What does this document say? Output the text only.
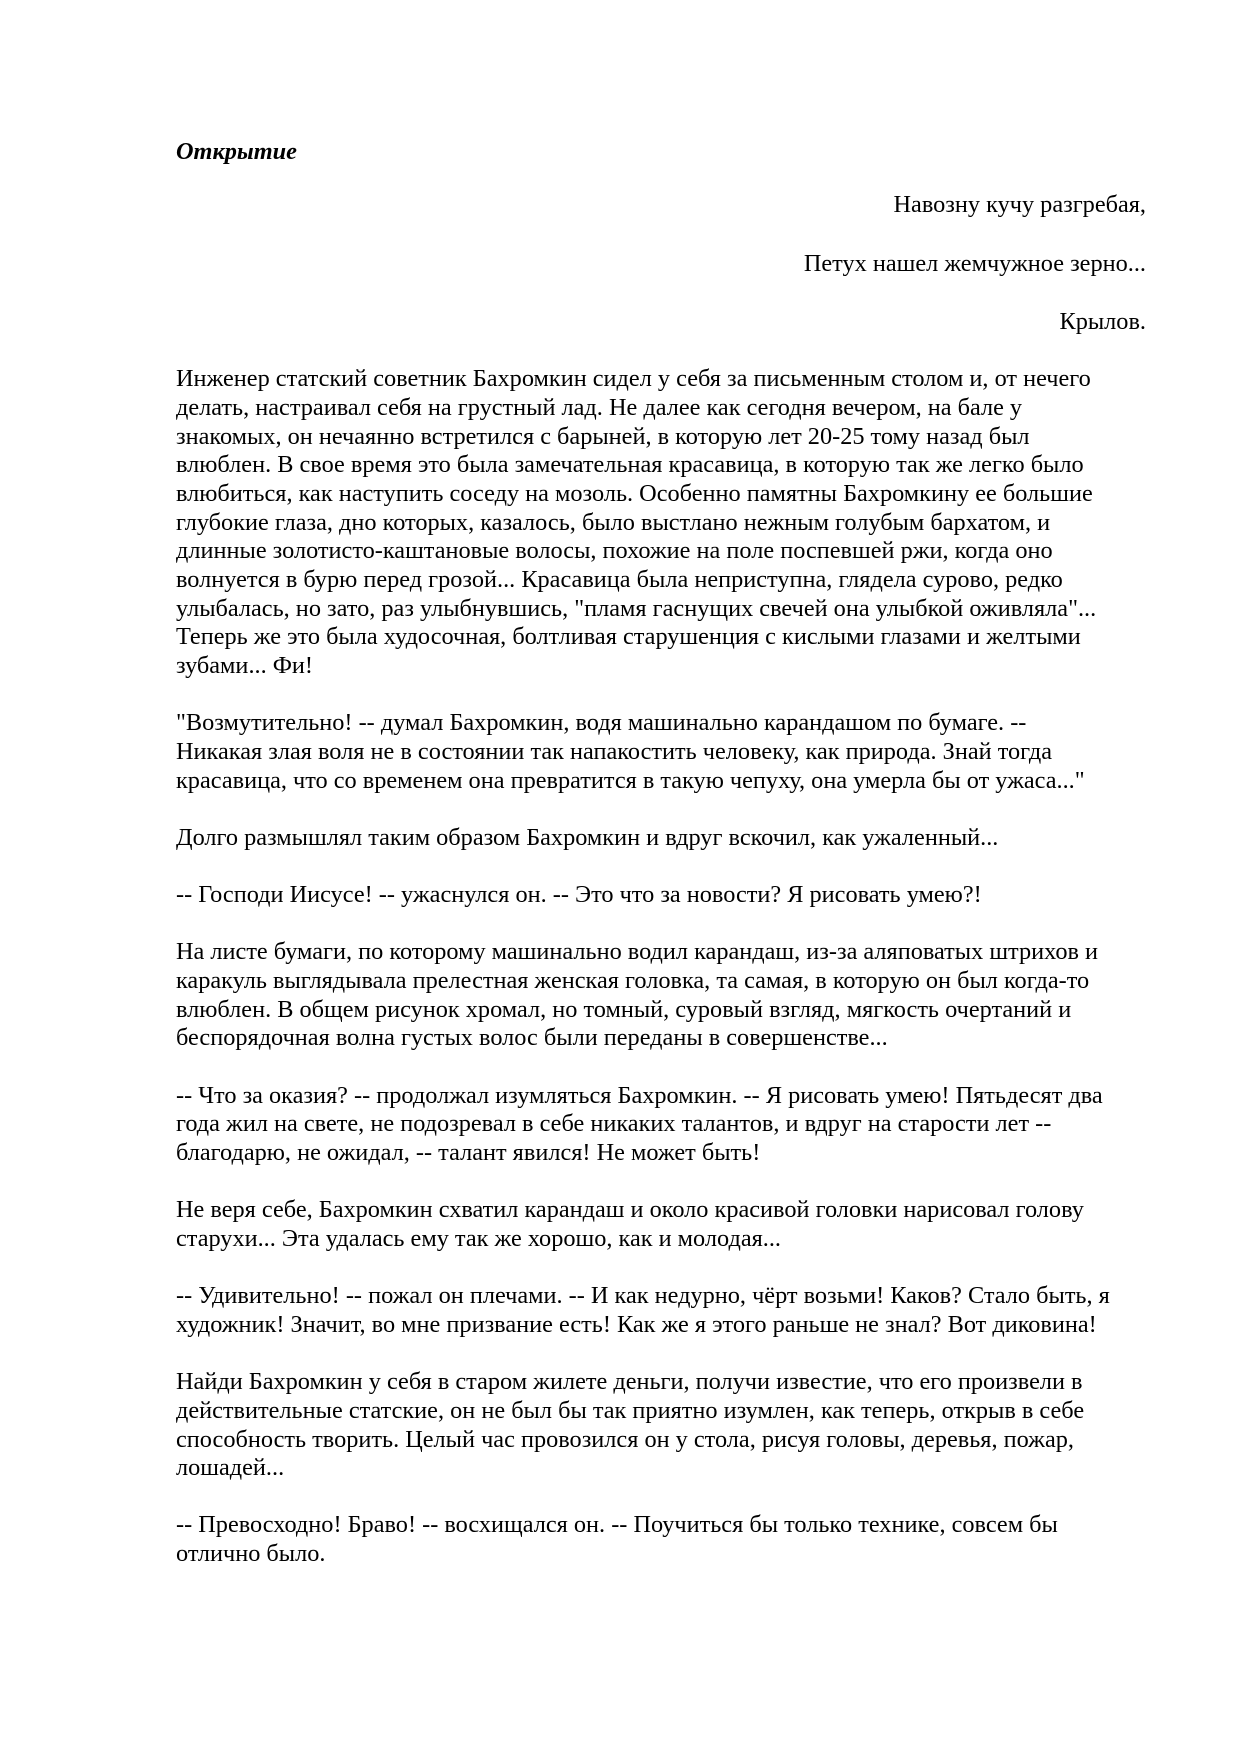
Открытие

Навозну кучу разгребая,

Петух нашел жемчужное зерно...

Крылов.

Инженер статский советник Бахромкин сидел у себя за письменным столом и, от нечего
делать, настраивал себя на грустный лад. Не далее как сегодня вечером, на бале у
знакомых, он нечаянно встретился с барыней, в которую лет 20-25 тому назад был
влюблен. В свое время это была замечательная красавица, в которую так же легко было
влюбиться, как наступить соседу на мозоль. Особенно памятны Бахромкину ее большие
глубокие глаза, дно которых, казалось, было выстлано нежным голубым бархатом, и
длинные золотисто-каштановые волосы, похожие на поле поспевшей ржи, когда оно
волнуется в бурю перед грозой... Красавица была неприступна, глядела сурово, редко
улыбалась, но зато, раз улыбнувшись, "пламя гаснущих свечей она улыбкой оживляла"...
Теперь же это была худосочная, болтливая старушенция с кислыми глазами и желтыми
зубами... Фи!

"Возмутительно! -- думал Бахромкин, водя машинально карандашом по бумаге. --
Никакая злая воля не в состоянии так напакостить человеку, как природа. Знай тогда
красавица, что со временем она превратится в такую чепуху, она умерла бы от ужаса..."

Долго размышлял таким образом Бахромкин и вдруг вскочил, как ужаленный...

-- Господи Иисусе! -- ужаснулся он. -- Это что за новости? Я рисовать умею?!

На листе бумаги, по которому машинально водил карандаш, из-за аляповатых штрихов и
каракуль выглядывала прелестная женская головка, та самая, в которую он был когда-то
влюблен. В общем рисунок хромал, но томный, суровый взгляд, мягкость очертаний и
беспорядочная волна густых волос были переданы в совершенстве...

-- Что за оказия? -- продолжал изумляться Бахромкин. -- Я рисовать умею! Пятьдесят два
года жил на свете, не подозревал в себе никаких талантов, и вдруг на старости лет --
благодарю, не ожидал, -- талант явился! Не может быть!

Не веря себе, Бахромкин схватил карандаш и около красивой головки нарисовал голову
старухи... Эта удалась ему так же хорошо, как и молодая...

-- Удивительно! -- пожал он плечами. -- И как недурно, чёрт возьми! Каков? Стало быть, я
художник! Значит, во мне призвание есть! Как же я этого раньше не знал? Вот диковина!

Найди Бахромкин у себя в старом жилете деньги, получи известие, что его произвели в
действительные статские, он не был бы так приятно изумлен, как теперь, открыв в себе
способность творить. Целый час провозился он у стола, рисуя головы, деревья, пожар,
лошадей...

-- Превосходно! Браво! -- восхищался он. -- Поучиться бы только технике, совсем бы
отлично было.
